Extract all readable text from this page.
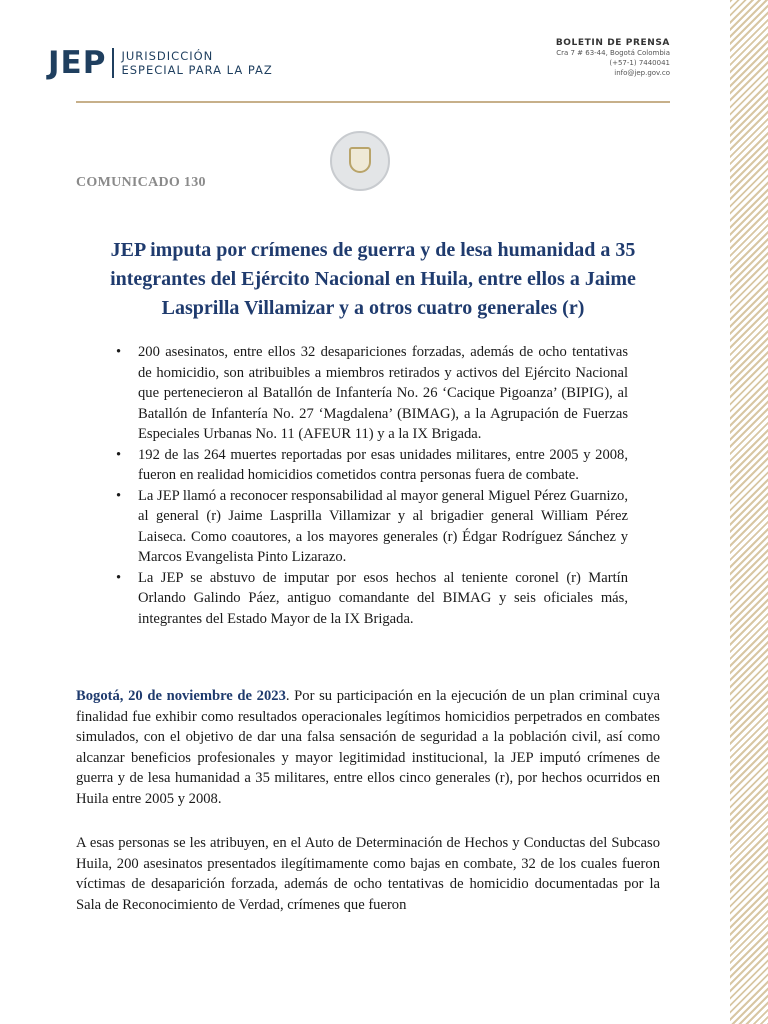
JEP JURISDICCIÓN
ESPECIAL PARA LA PAZ
BOLETIN DE PRENSA
Cra 7 # 63-44, Bogotá Colombia
(+57-1) 7440041
info@jep.gov.co
COMUNICADO 130
JEP imputa por crímenes de guerra y de lesa humanidad a 35 integrantes del Ejército Nacional en Huila, entre ellos a Jaime Lasprilla Villamizar y a otros cuatro generales (r)
• 200 asesinatos, entre ellos 32 desapariciones forzadas, además de ocho tentativas de homicidio, son atribuibles a miembros retirados y activos del Ejército Nacional que pertenecieron al Batallón de Infantería No. 26 ‘Cacique Pigoanza’ (BIPIG), al Batallón de Infantería No. 27 ‘Magdalena’ (BIMAG), a la Agrupación de Fuerzas Especiales Urbanas No. 11 (AFEUR 11) y a la IX Brigada.
• 192 de las 264 muertes reportadas por esas unidades militares, entre 2005 y 2008, fueron en realidad homicidios cometidos contra personas fuera de combate.
• La JEP llamó a reconocer responsabilidad al mayor general Miguel Pérez Guarnizo, al general (r) Jaime Lasprilla Villamizar y al brigadier general William Pérez Laiseca. Como coautores, a los mayores generales (r) Édgar Rodríguez Sánchez y Marcos Evangelista Pinto Lizarazo.
• La JEP se abstuvo de imputar por esos hechos al teniente coronel (r) Martín Orlando Galindo Páez, antiguo comandante del BIMAG y seis oficiales más, integrantes del Estado Mayor de la IX Brigada.

Bogotá, 20 de noviembre de 2023. Por su participación en la ejecución de un plan criminal cuya finalidad fue exhibir como resultados operacionales legítimos homicidios perpetrados en combates simulados, con el objetivo de dar una falsa sensación de seguridad a la población civil, así como alcanzar beneficios profesionales y mayor legitimidad institucional, la JEP imputó crímenes de guerra y de lesa humanidad a 35 militares, entre ellos cinco generales (r), por hechos ocurridos en Huila entre 2005 y 2008.

A esas personas se les atribuyen, en el Auto de Determinación de Hechos y Conductas del Subcaso Huila, 200 asesinatos presentados ilegítimamente como bajas en combate, 32 de los cuales fueron víctimas de desaparición forzada, además de ocho tentativas de homicidio documentadas por la Sala de Reconocimiento de Verdad, crímenes que fueron
